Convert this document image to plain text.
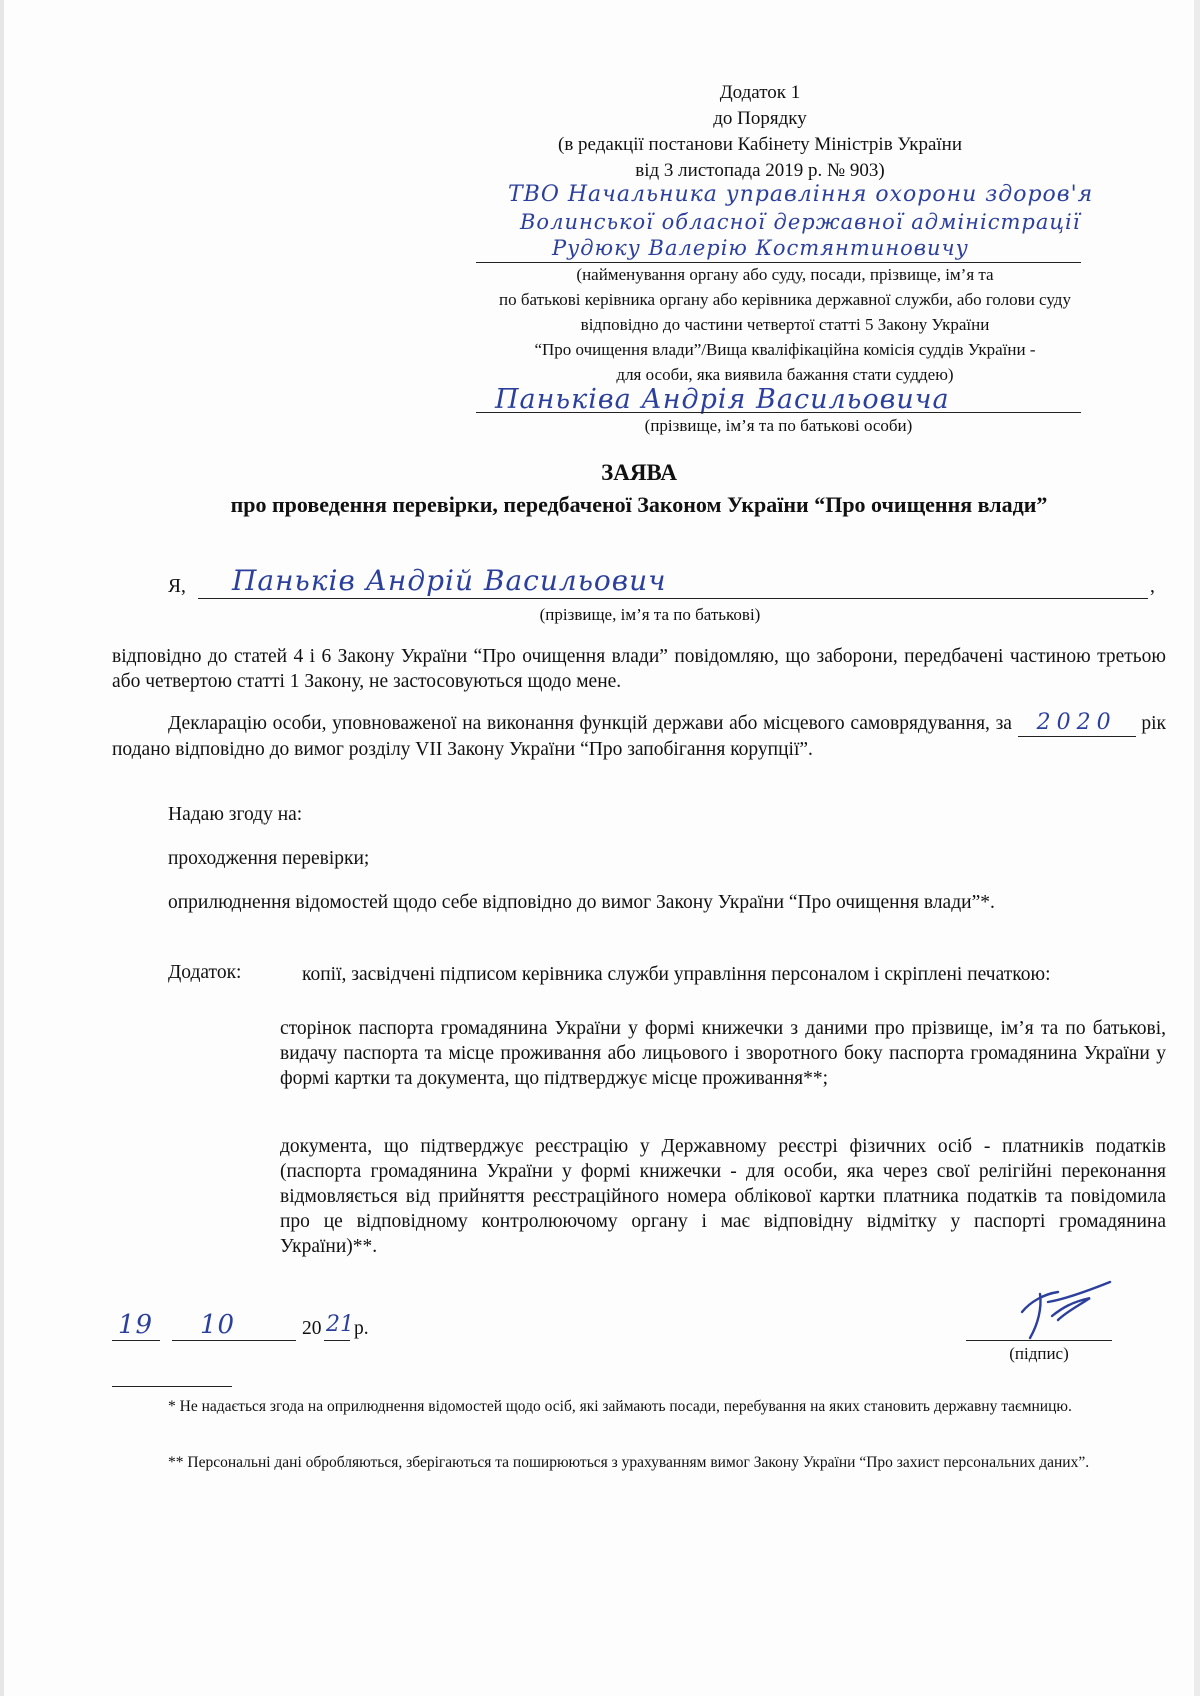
Додаток 1
до Порядку
(в редакції постанови Кабінету Міністрів України
від 3 листопада 2019 р. № 903)
ТВО Начальника управління охорони здоров'я
Волинської обласної державної адміністрації
Рудюку Валерію Костянтиновичу
(найменування органу або суду, посади, прізвище, ім’я та
по батькові керівника органу або керівника державної служби, або голови суду
відповідно до частини четвертої статті 5 Закону України
“Про очищення влади”/Вища кваліфікаційна комісія суддів України -
для особи, яка виявила бажання стати суддею)
Паньківа Андрія Васильовича
(прізвище, ім’я та по батькові особи)
ЗАЯВА
про проведення перевірки, передбаченої Законом України “Про очищення влади”
Я, Паньків Андрій Васильович	,
(прізвище, ім’я та по батькові)
відповідно до статей 4 і 6 Закону України “Про очищення влади” повідомляю, що заборони, передбачені частиною третьою або четвертою статті 1 Закону, не застосовуються щодо мене.
Декларацію особи, уповноваженої на виконання функцій держави або місцевого самоврядування, за 2020 рік подано відповідно до вимог розділу VII Закону України “Про запобігання корупції”.
Надаю згоду на:
проходження перевірки;
оприлюднення відомостей щодо себе відповідно до вимог Закону України “Про очищення влади”*.
Додаток:	копії, засвідчені підписом керівника служби управління персоналом і скріплені печаткою:
сторінок паспорта громадянина України у формі книжечки з даними про прізвище, ім’я та по батькові, видачу паспорта та місце проживання або лицьового і зворотного боку паспорта громадянина України у формі картки та документа, що підтверджує місце проживання**;
документа, що підтверджує реєстрацію у Державному реєстрі фізичних осіб - платників податків (паспорта громадянина України у формі книжечки - для особи, яка через свої релігійні переконання відмовляється від прийняття реєстраційного номера облікової картки платника податків та повідомила про це відповідному контролюючому органу і має відповідну відмітку у паспорті громадянина України)**.
19 10	20 21 р.
(підпис)
* Не надається згода на оприлюднення відомостей щодо осіб, які займають посади, перебування на яких становить державну таємницю.
** Персональні дані обробляються, зберігаються та поширюються з урахуванням вимог Закону України “Про захист персональних даних”.
